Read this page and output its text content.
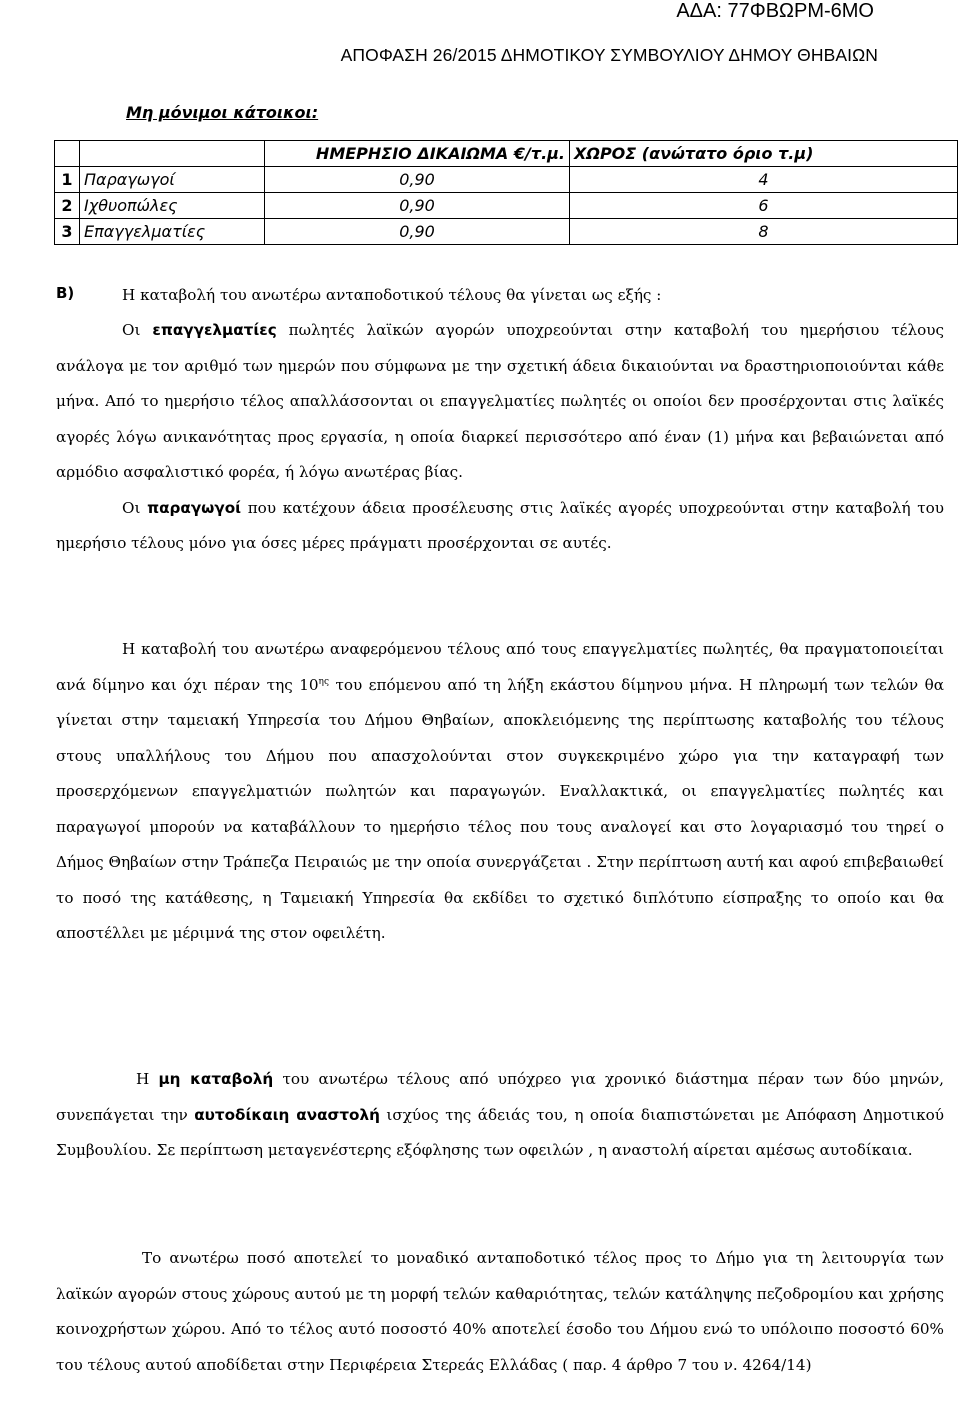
ΑΔΑ: 77ΦΒΩΡΜ-6ΜΟ
ΑΠΟΦΑΣΗ 26/2015 ΔΗΜΟΤΙΚΟΥ ΣΥΜΒΟΥΛΙΟΥ ΔΗΜΟΥ ΘΗΒΑΙΩΝ
Μη μόνιμοι κάτοικοι:
		ΗΜΕΡΗΣΙΟ ΔΙΚΑΙΩΜΑ €/τ.μ.	ΧΩΡΟΣ (ανώτατο όριο τ.μ)
1	Παραγωγοί	0,90	4
2	Ιχθυοπώλες	0,90	6
3	Επαγγελματίες	0,90	8
Β)	Η καταβολή του ανωτέρω ανταποδοτικού τέλους θα γίνεται ως εξής :

Οι επαγγελματίες πωλητές λαϊκών αγορών υποχρεούνται στην καταβολή του ημερήσιου τέλους ανάλογα με τον αριθμό των ημερών που σύμφωνα με την σχετική άδεια δικαιούνται να δραστηριοποιούνται κάθε μήνα. Από το ημερήσιο τέλος απαλλάσσονται οι επαγγελματίες πωλητές οι οποίοι δεν προσέρχονται στις λαϊκές αγορές λόγω ανικανότητας προς εργασία, η οποία διαρκεί περισσότερο από έναν (1) μήνα και βεβαιώνεται από αρμόδιο ασφαλιστικό φορέα, ή λόγω ανωτέρας βίας.

Οι παραγωγοί που κατέχουν άδεια προσέλευσης στις λαϊκές αγορές υποχρεούνται στην καταβολή του ημερήσιο τέλους μόνο για όσες μέρες πράγματι προσέρχονται σε αυτές.

Η καταβολή του ανωτέρω αναφερόμενου τέλους από τους επαγγελματίες πωλητές, θα πραγματοποιείται ανά δίμηνο και όχι πέραν της $10^{\eta\varsigma}$ του επόμενου από τη λήξη εκάστου δίμηνου μήνα. Η πληρωμή των τελών θα γίνεται στην ταμειακή Υπηρεσία του Δήμου Θηβαίων, αποκλειόμενης της περίπτωσης καταβολής του τέλους στους υπαλλήλους του Δήμου που απασχολούνται στον συγκεκριμένο χώρο για την καταγραφή των προσερχόμενων επαγγελματιών πωλητών και παραγωγών. Εναλλακτικά, οι επαγγελματίες πωλητές και παραγωγοί μπορούν να καταβάλλουν το ημερήσιο τέλος που τους αναλογεί και στο λογαριασμό του τηρεί ο Δήμος Θηβαίων στην Τράπεζα Πειραιώς με την οποία συνεργάζεται . Στην περίπτωση αυτή και αφού επιβεβαιωθεί το ποσό της κατάθεσης, η Ταμειακή Υπηρεσία θα εκδίδει το σχετικό διπλότυπο είσπραξης το οποίο και θα αποστέλλει με μέριμνά της στον οφειλέτη.

Η μη καταβολή του ανωτέρω τέλους από υπόχρεο για χρονικό διάστημα πέραν των δύο μηνών, συνεπάγεται την αυτοδίκαιη αναστολή ισχύος της άδειάς του, η οποία διαπιστώνεται με Απόφαση Δημοτικού Συμβουλίου. Σε περίπτωση μεταγενέστερης εξόφλησης των οφειλών , η αναστολή αίρεται αμέσως αυτοδίκαια.

Το ανωτέρω ποσό αποτελεί το μοναδικό ανταποδοτικό τέλος προς το Δήμο για τη λειτουργία των λαϊκών αγορών στους χώρους αυτού με τη μορφή τελών καθαριότητας, τελών κατάληψης πεζοδρομίου και χρήσης κοινοχρήστων χώρου. Από το τέλος αυτό ποσοστό 40% αποτελεί έσοδο του Δήμου ενώ το υπόλοιπο ποσοστό 60% του τέλους αυτού αποδίδεται στην Περιφέρεια Στερεάς Ελλάδας ( παρ. 4 άρθρο 7 του ν. 4264/14)
